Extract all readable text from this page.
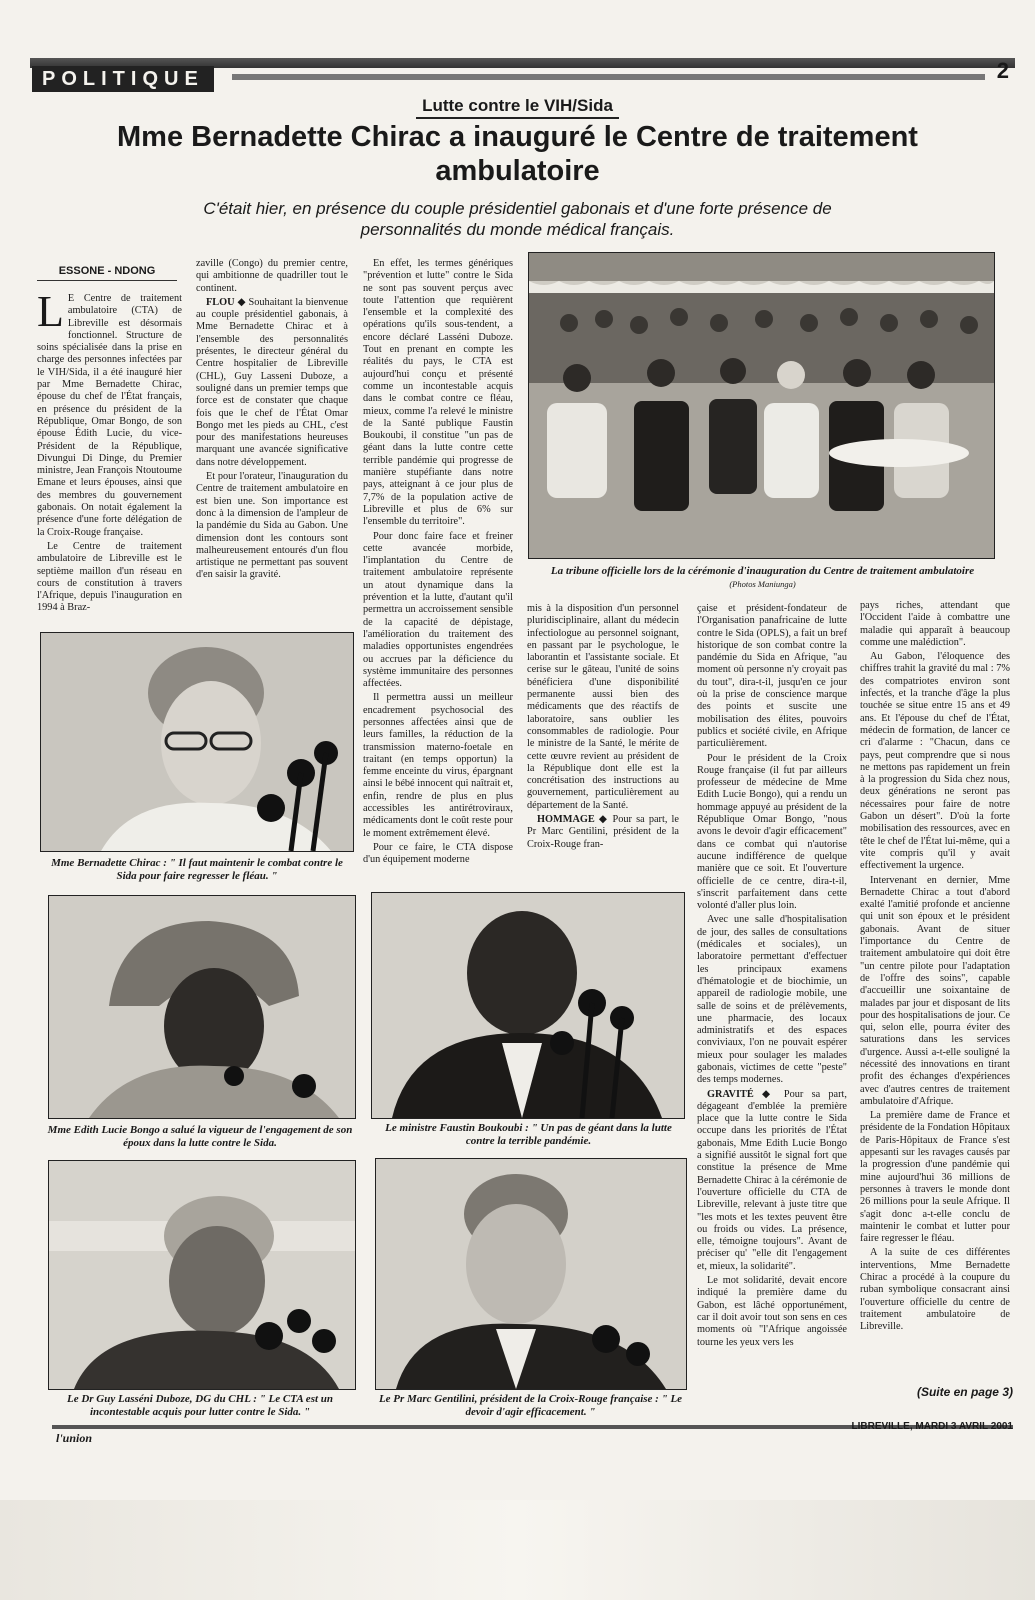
POLITIQUE	2
Lutte contre le VIH/Sida
Mme Bernadette Chirac a inauguré le Centre de traitement ambulatoire
C'était hier, en présence du couple présidentiel gabonais et d'une forte présence de personnalités du monde médical français.
ESSONE - NDONG

L E Centre de traitement ambulatoire (CTA) de Libreville est désormais fonctionnel. Structure de soins spécialisée dans la prise en charge des personnes infectées par le VIH/Sida, il a été inauguré hier par Mme Bernadette Chirac, épouse du chef de l'État français, en présence du président de la République, Omar Bongo, de son épouse Édith Lucie, du vice-Président de la République, Divungui Di Dinge, du Premier ministre, Jean François Ntoutoume Emane et leurs épouses, ainsi que des membres du gouvernement gabonais. On notait également la présence d'une forte délégation de la Croix-Rouge française.

Le Centre de traitement ambulatoire de Libreville est le septième maillon d'un réseau en cours de constitution à travers l'Afrique, depuis l'inauguration en 1994 à Braz-

zaville (Congo) du premier centre, qui ambitionne de quadriller tout le continent.

FLOU ◆ Souhaitant la bienvenue au couple présidentiel gabonais, à Mme Bernadette Chirac et à l'ensemble des personnalités présentes, le directeur général du Centre hospitalier de Libreville (CHL), Guy Lasseni Duboze, a souligné dans un premier temps que force est de constater que chaque fois que le chef de l'État Omar Bongo met les pieds au CHL, c'est pour des manifestations heureuses marquant une avancée significative dans notre développement.

Et pour l'orateur, l'inauguration du Centre de traitement ambulatoire en est bien une. Son importance est donc à la dimension de l'ampleur de la pandémie du Sida au Gabon. Une dimension dont les contours sont malheureusement entourés d'un flou artistique ne permettant pas souvent d'en saisir la gravité.

En effet, les termes génériques "prévention et lutte" contre le Sida ne sont pas souvent perçus avec toute l'attention que requièrent l'ensemble et la complexité des opérations qu'ils sous-tendent, a encore déclaré Lasséni Duboze. Tout en prenant en compte les réalités du pays, le CTA est aujourd'hui conçu et présenté comme un incontestable acquis dans le combat contre ce fléau, mieux, comme l'a relevé le ministre de la Santé publique Faustin Boukoubi, il constitue "un pas de géant dans la lutte contre cette terrible pandémie qui progresse de manière stupéfiante dans notre pays, atteignant à ce jour plus de 7,7% de la population active de Libreville et plus de 6% sur l'ensemble du territoire".

Pour donc faire face et freiner cette avancée morbide, l'implantation du Centre de traitement ambulatoire représente un atout dynamique dans la prévention et la lutte, d'autant qu'il permettra un accroissement sensible de la capacité de dépistage, l'amélioration du traitement des maladies opportunistes engendrées ou accrues par la déficience du système immunitaire des personnes affectées.

Il permettra aussi un meilleur encadrement psychosocial des personnes affectées ainsi que de leurs familles, la réduction de la transmission materno-foetale en traitant (en temps opportun) la femme enceinte du virus, épargnant ainsi le bébé innocent qui naîtrait et, enfin, rendre de plus en plus accessibles les antirétroviraux, médicaments dont le coût reste pour le moment extrêmement élevé.

Pour ce faire, le CTA dispose d'un équipement moderne

mis à la disposition d'un personnel pluridisciplinaire, allant du médecin infectiologue au personnel soignant, en passant par le psychologue, le laborantin et l'assistante sociale. Et cerise sur le gâteau, l'unité de soins bénéficiera d'une disponibilité permanente aussi bien des médicaments que des réactifs de laboratoire, sans oublier les consommables de radiologie. Pour le ministre de la Santé, le mérite de cette œuvre revient au président de la République dont elle est la concrétisation des instructions au gouvernement, particulièrement au département de la Santé.

HOMMAGE ◆ Pour sa part, le Pr Marc Gentilini, président de la Croix-Rouge fran-

çaise et président-fondateur de l'Organisation panafricaine de lutte contre le Sida (OPLS), a fait un bref historique de son combat contre la pandémie du Sida en Afrique, "au moment où personne n'y croyait pas du tout", dira-t-il, jusqu'en ce jour où la prise de conscience marque des points et suscite une mobilisation des élites, pouvoirs publics et société civile, en Afrique particulièrement.

Pour le président de la Croix Rouge française (il fut par ailleurs professeur de médecine de Mme Edith Lucie Bongo), qui a rendu un hommage appuyé au président de la République Omar Bongo, "nous avons le devoir d'agir efficacement" dans ce combat qui n'autorise aucune indifférence de quelque manière que ce soit. Et l'ouverture officielle de ce centre, dira-t-il, s'inscrit parfaitement dans cette volonté d'aller plus loin.

Avec une salle d'hospitalisation de jour, des salles de consultations (médicales et sociales), un laboratoire permettant d'effectuer les principaux examens d'hématologie et de biochimie, un appareil de radiologie mobile, une salle de soins et de prélèvements, une pharmacie, des locaux administratifs et des espaces conviviaux, l'on ne pouvait espérer mieux pour soulager les malades gabonais, victimes de cette "peste" des temps modernes.

GRAVITÉ ◆ Pour sa part, dégageant d'emblée la première place que la lutte contre le Sida occupe dans les priorités de l'État gabonais, Mme Edith Lucie Bongo a signifié aussitôt le signal fort que constitue la présence de Mme Bernadette Chirac à la cérémonie de l'ouverture officielle du CTA de Libreville, relevant à juste titre que "les mots et les textes peuvent être ou froids ou vides. La présence, elle, témoigne toujours". Avant de préciser qu' "elle dit l'engagement et, mieux, la solidarité".

Le mot solidarité, devait encore indiqué la première dame du Gabon, est lâché opportunément, car il doit avoir tout son sens en ces moments où "l'Afrique angoissée tourne les yeux vers les

pays riches, attendant que l'Occident l'aide à combattre une maladie qui apparaît à beaucoup comme une malédiction".

Au Gabon, l'éloquence des chiffres trahit la gravité du mal : 7% des compatriotes environ sont infectés, et la tranche d'âge la plus touchée se situe entre 15 ans et 49 ans. Et l'épouse du chef de l'État, médecin de formation, de lancer ce cri d'alarme : "Chacun, dans ce pays, peut comprendre que si nous ne mettons pas rapidement un frein à la progression du Sida chez nous, deux générations ne seront pas nécessaires pour faire de notre Gabon un désert". D'où la forte mobilisation des ressources, avec en tête le chef de l'État lui-même, qui a vite compris qu'il y avait effectivement la urgence.

Intervenant en dernier, Mme Bernadette Chirac a tout d'abord exalté l'amitié profonde et ancienne qui unit son époux et le président gabonais. Avant de situer l'importance du Centre de traitement ambulatoire qui doit être "un centre pilote pour l'adaptation de l'offre des soins", capable d'accueillir une soixantaine de malades par jour et disposant de lits pour des hospitalisations de jour. Ce qui, selon elle, pourra éviter des saturations dans les services d'urgence. Aussi a-t-elle souligné la nécessité des innovations en tirant profit des échanges d'expériences avec d'autres centres de traitement ambulatoire d'Afrique.

La première dame de France et présidente de la Fondation Hôpitaux de Paris-Hôpitaux de France s'est appesanti sur les ravages causés par la progression d'une pandémie qui mine aujourd'hui 36 millions de personnes à travers le monde dont 26 millions pour la seule Afrique. Il s'agit donc a-t-elle conclu de maintenir le combat et lutter pour faire regresser le fléau.

A la suite de ces différentes interventions, Mme Bernadette Chirac a procédé à la coupure du ruban symbolique consacrant ainsi l'ouverture officielle du centre de traitement ambulatoire de Libreville.

La tribune officielle lors de la cérémonie d'inauguration du Centre de traitement ambulatoire (Photos Maniunga)
Mme Bernadette Chirac : " Il faut maintenir le combat contre le Sida pour faire regresser le fléau. "
Mme Edith Lucie Bongo a salué la vigueur de l'engagement de son époux dans la lutte contre le Sida.
Le ministre Faustin Boukoubi : " Un pas de géant dans la lutte contre la terrible pandémie.
Le Dr Guy Lasséni Duboze, DG du CHL : " Le CTA est un incontestable acquis pour lutter contre le Sida. "
Le Pr Marc Gentilini, président de la Croix-Rouge française : " Le devoir d'agir efficacement. "
(Suite en page 3)
l'union
LIBREVILLE, MARDI 3 AVRIL 2001
